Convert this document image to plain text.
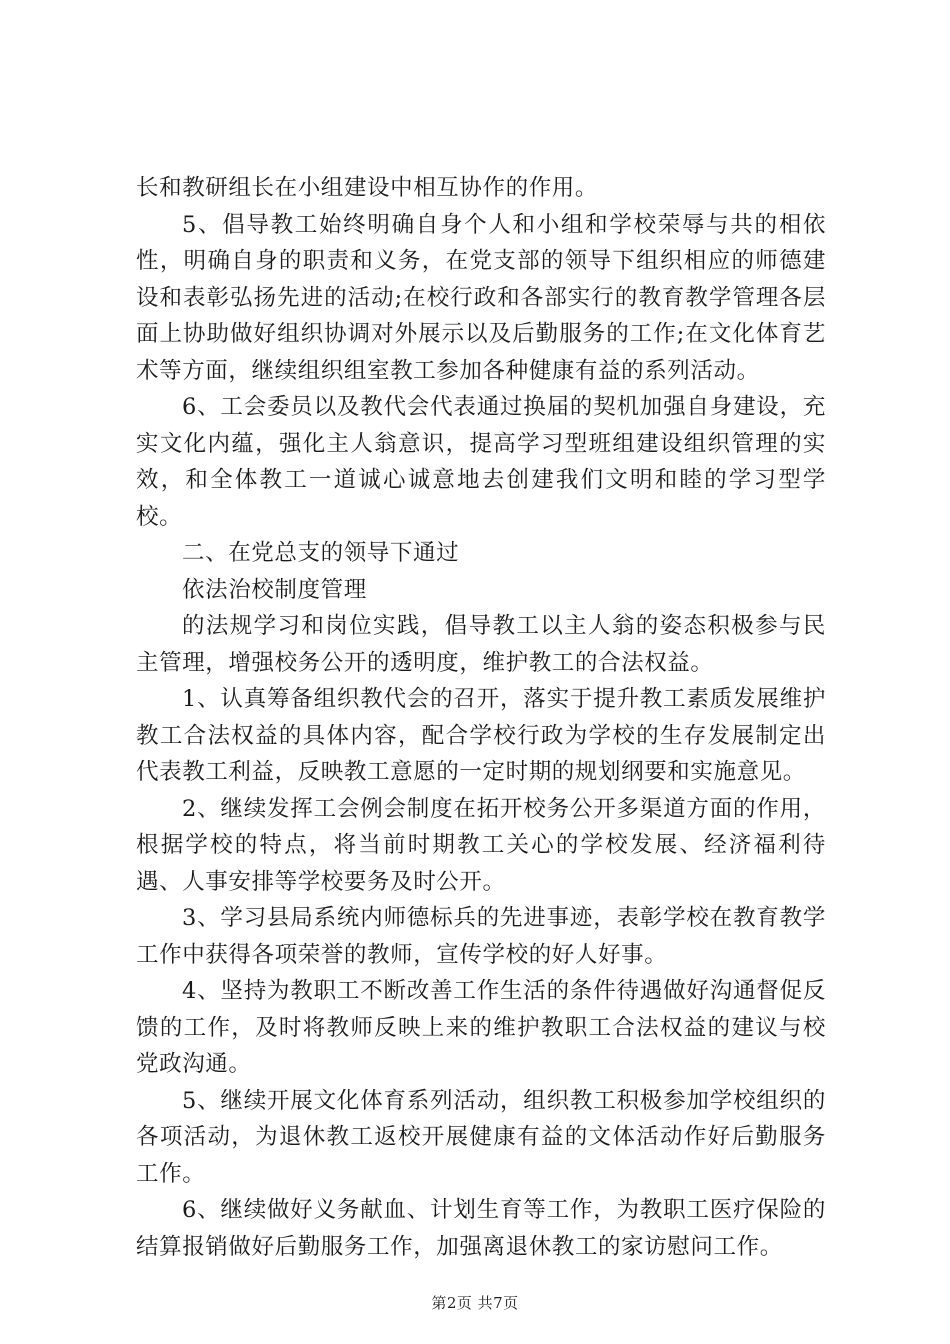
长和教研组长在小组建设中相互协作的作用。

5、倡导教工始终明确自身个人和小组和学校荣辱与共的相依性，明确自身的职责和义务，在党支部的领导下组织相应的师德建设和表彰弘扬先进的活动;在校行政和各部实行的教育教学管理各层面上协助做好组织协调对外展示以及后勤服务的工作;在文化体育艺术等方面，继续组织组室教工参加各种健康有益的系列活动。

6、工会委员以及教代会代表通过换届的契机加强自身建设，充实文化内蕴，强化主人翁意识，提高学习型班组建设组织管理的实效，和全体教工一道诚心诚意地去创建我们文明和睦的学习型学校。

二、在党总支的领导下通过

依法治校制度管理

的法规学习和岗位实践，倡导教工以主人翁的姿态积极参与民主管理，增强校务公开的透明度，维护教工的合法权益。

1、认真筹备组织教代会的召开，落实于提升教工素质发展维护教工合法权益的具体内容，配合学校行政为学校的生存发展制定出代表教工利益，反映教工意愿的一定时期的规划纲要和实施意见。

2、继续发挥工会例会制度在拓开校务公开多渠道方面的作用，根据学校的特点，将当前时期教工关心的学校发展、经济福利待遇、人事安排等学校要务及时公开。

3、学习县局系统内师德标兵的先进事迹，表彰学校在教育教学工作中获得各项荣誉的教师，宣传学校的好人好事。

4、坚持为教职工不断改善工作生活的条件待遇做好沟通督促反馈的工作，及时将教师反映上来的维护教职工合法权益的建议与校党政沟通。

5、继续开展文化体育系列活动，组织教工积极参加学校组织的各项活动，为退休教工返校开展健康有益的文体活动作好后勤服务工作。

6、继续做好义务献血、计划生育等工作，为教职工医疗保险的结算报销做好后勤服务工作，加强离退休教工的家访慰问工作。

第2页 共7页
